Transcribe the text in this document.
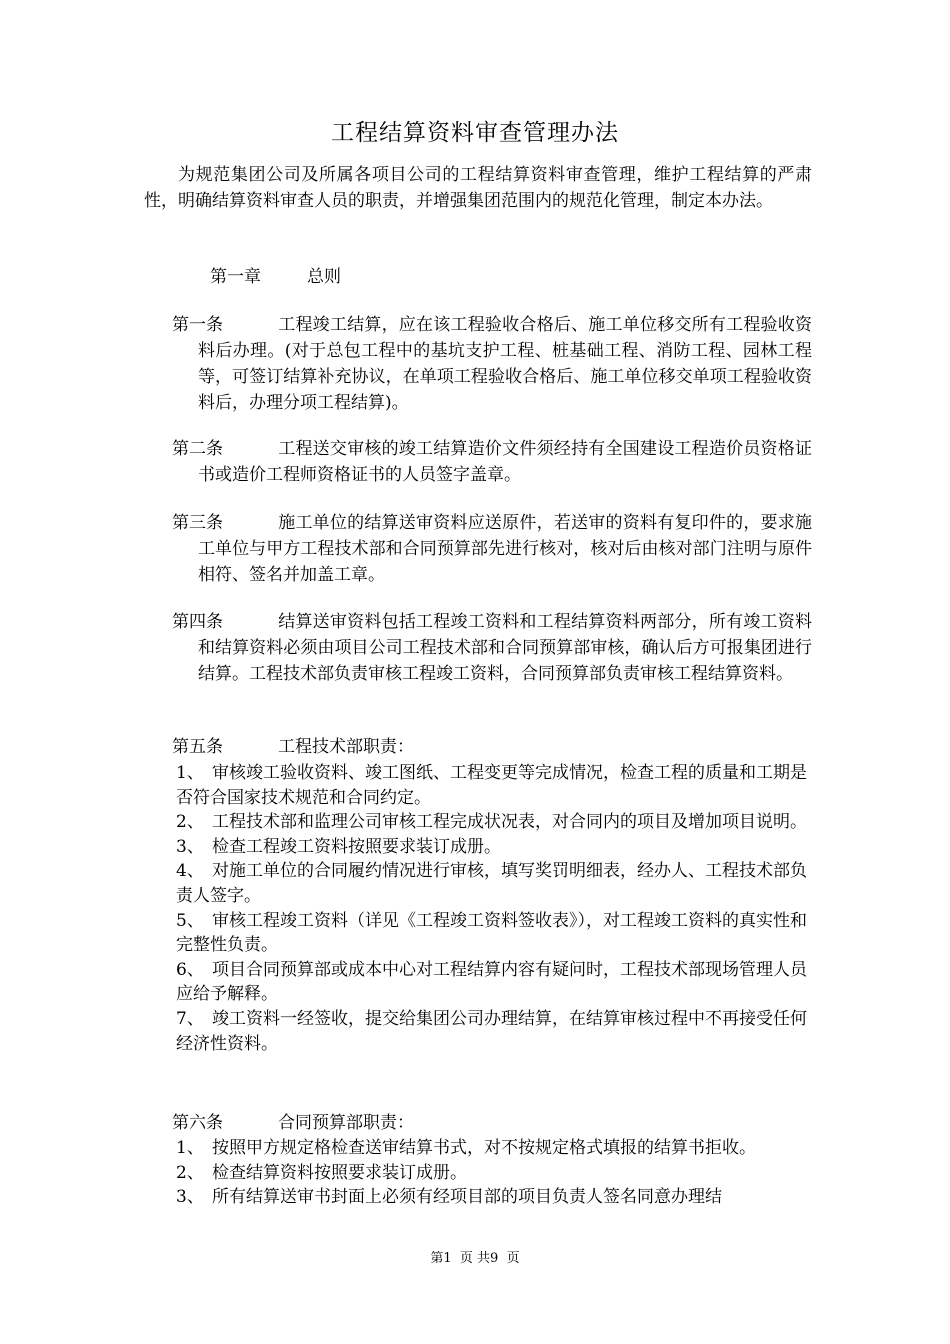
工程结算资料审查管理办法
为规范集团公司及所属各项目公司的工程结算资料审查管理，维护工程结算的严肃性，明确结算资料审查人员的职责，并增强集团范围内的规范化管理，制定本办法。
第一章	总则
第一条	工程竣工结算，应在该工程验收合格后、施工单位移交所有工程验收资料后办理。(对于总包工程中的基坑支护工程、桩基础工程、消防工程、园林工程等，可签订结算补充协议，在单项工程验收合格后、施工单位移交单项工程验收资料后，办理分项工程结算)。
第二条	工程送交审核的竣工结算造价文件须经持有全国建设工程造价员资格证书或造价工程师资格证书的人员签字盖章。
第三条	施工单位的结算送审资料应送原件，若送审的资料有复印件的，要求施工单位与甲方工程技术部和合同预算部先进行核对，核对后由核对部门注明与原件相符、签名并加盖工章。
第四条	结算送审资料包括工程竣工资料和工程结算资料两部分，所有竣工资料和结算资料必须由项目公司工程技术部和合同预算部审核，确认后方可报集团进行结算。工程技术部负责审核工程竣工资料，合同预算部负责审核工程结算资料。
第五条	工程技术部职责：
1、 审核竣工验收资料、竣工图纸、工程变更等完成情况，检查工程的质量和工期是否符合国家技术规范和合同约定。
2、 工程技术部和监理公司审核工程完成状况表，对合同内的项目及增加项目说明。
3、 检查工程竣工资料按照要求装订成册。
4、 对施工单位的合同履约情况进行审核，填写奖罚明细表，经办人、工程技术部负责人签字。
5、 审核工程竣工资料（详见《工程竣工资料签收表》），对工程竣工资料的真实性和完整性负责。
6、 项目合同预算部或成本中心对工程结算内容有疑问时，工程技术部现场管理人员应给予解释。
7、 竣工资料一经签收，提交给集团公司办理结算，在结算审核过程中不再接受任何经济性资料。
第六条	合同预算部职责：
1、 按照甲方规定格检查送审结算书式，对不按规定格式填报的结算书拒收。
2、 检查结算资料按照要求装订成册。
3、 所有结算送审书封面上必须有经项目部的项目负责人签名同意办理结
第1  页 共9  页
